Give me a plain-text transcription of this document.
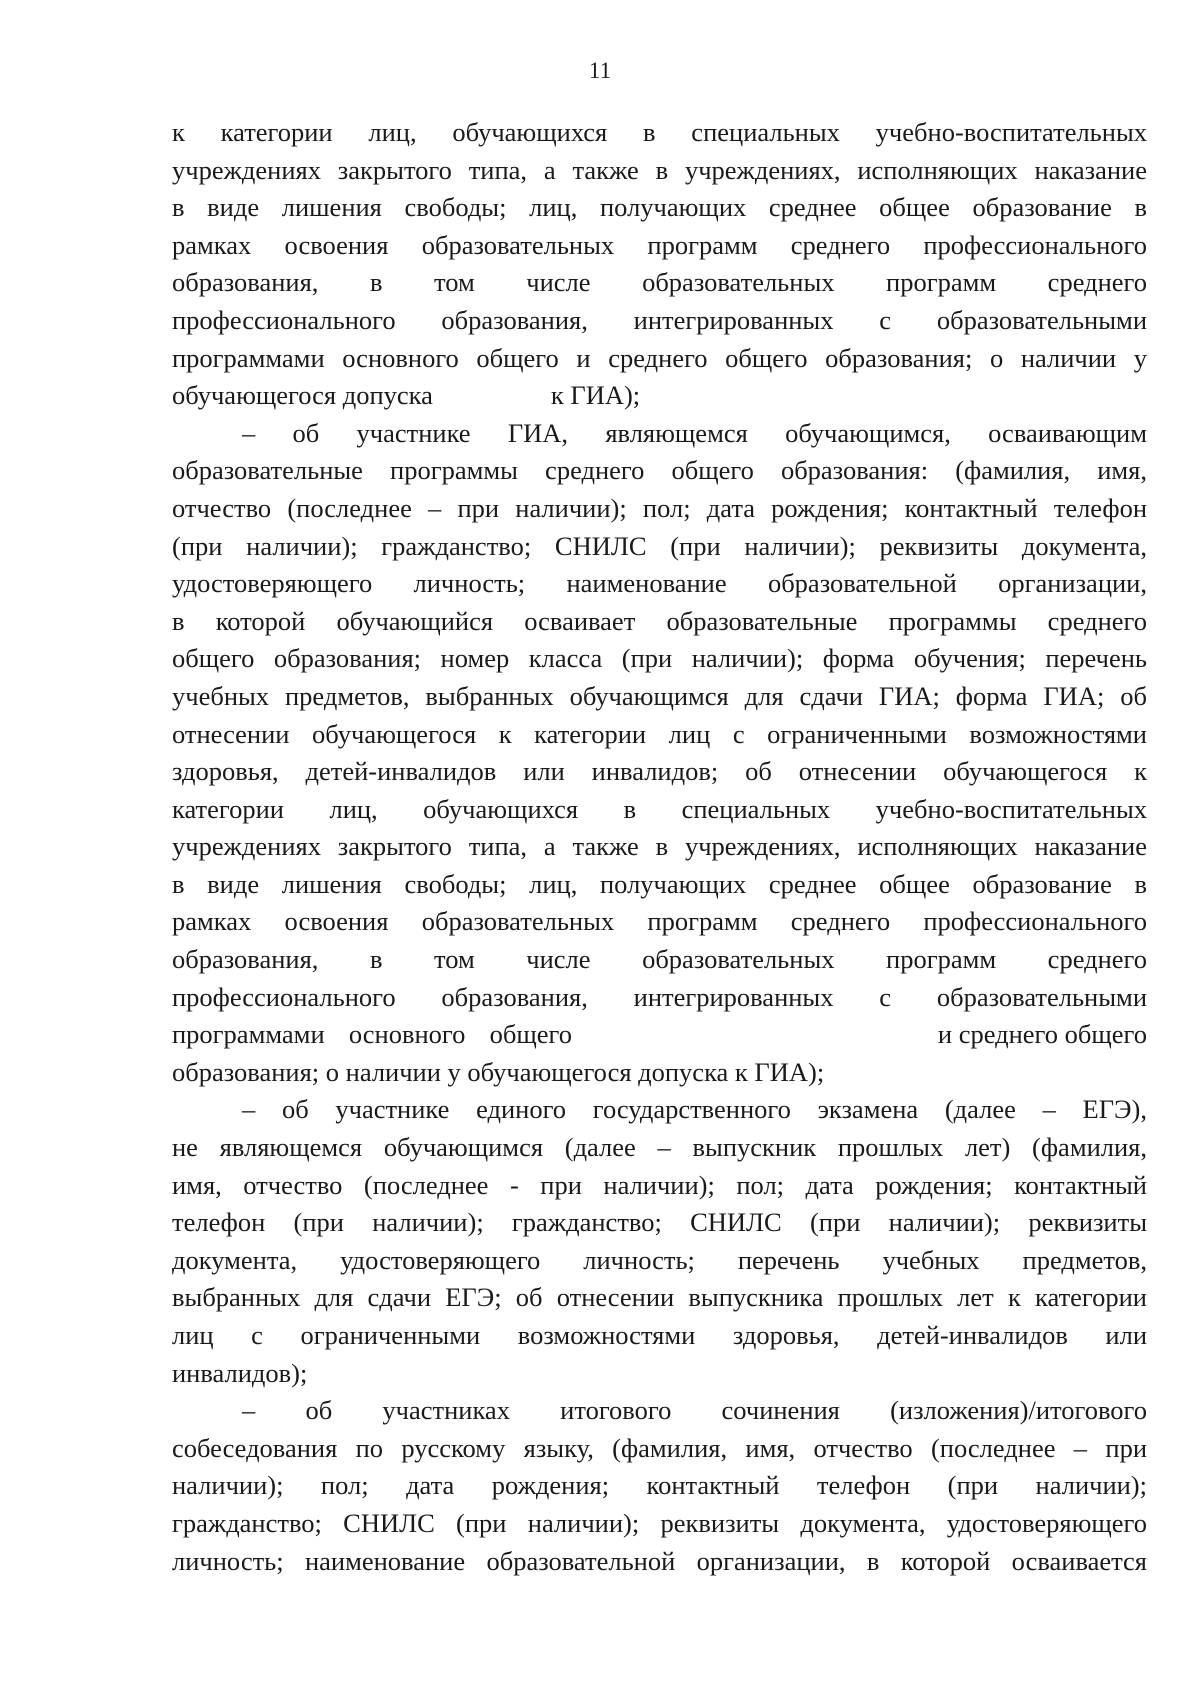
11
к категории лиц, обучающихся в специальных учебно-воспитательных
учреждениях закрытого типа, а также в учреждениях, исполняющих наказание
в виде лишения свободы; лиц, получающих среднее общее образование в
рамках освоения образовательных программ среднего профессионального
образования, в том числе образовательных программ среднего
профессионального образования, интегрированных с образовательными
программами основного общего и среднего общего образования; о наличии у
обучающегося допуска	к ГИА);
– об участнике ГИА, являющемся обучающимся, осваивающим
образовательные программы среднего общего образования: (фамилия, имя,
отчество (последнее – при наличии); пол; дата рождения; контактный телефон
(при наличии); гражданство; СНИЛС (при наличии); реквизиты документа,
удостоверяющего личность; наименование образовательной организации,
в которой обучающийся осваивает образовательные программы среднего
общего образования; номер класса (при наличии); форма обучения; перечень
учебных предметов, выбранных обучающимся для сдачи ГИА; форма ГИА; об
отнесении обучающегося к категории лиц с ограниченными возможностями
здоровья, детей-инвалидов или инвалидов; об отнесении обучающегося к
категории лиц, обучающихся в специальных учебно-воспитательных
учреждениях закрытого типа, а также в учреждениях, исполняющих наказание
в виде лишения свободы; лиц, получающих среднее общее образование в
рамках освоения образовательных программ среднего профессионального
образования, в том числе образовательных программ среднего
профессионального образования, интегрированных с образовательными
программами основного общего	и среднего общего
образования; о наличии у обучающегося допуска к ГИА);
– об участнике единого государственного экзамена (далее – ЕГЭ),
не являющемся обучающимся (далее – выпускник прошлых лет) (фамилия,
имя, отчество (последнее - при наличии); пол; дата рождения; контактный
телефон (при наличии); гражданство; СНИЛС (при наличии); реквизиты
документа, удостоверяющего личность; перечень учебных предметов,
выбранных для сдачи ЕГЭ; об отнесении выпускника прошлых лет к категории
лиц с ограниченными возможностями здоровья, детей-инвалидов или
инвалидов);
– об участниках итогового сочинения (изложения)/итогового
собеседования по русскому языку, (фамилия, имя, отчество (последнее – при
наличии); пол; дата рождения; контактный телефон (при наличии);
гражданство; СНИЛС (при наличии); реквизиты документа, удостоверяющего
личность; наименование образовательной организации, в которой осваивается
